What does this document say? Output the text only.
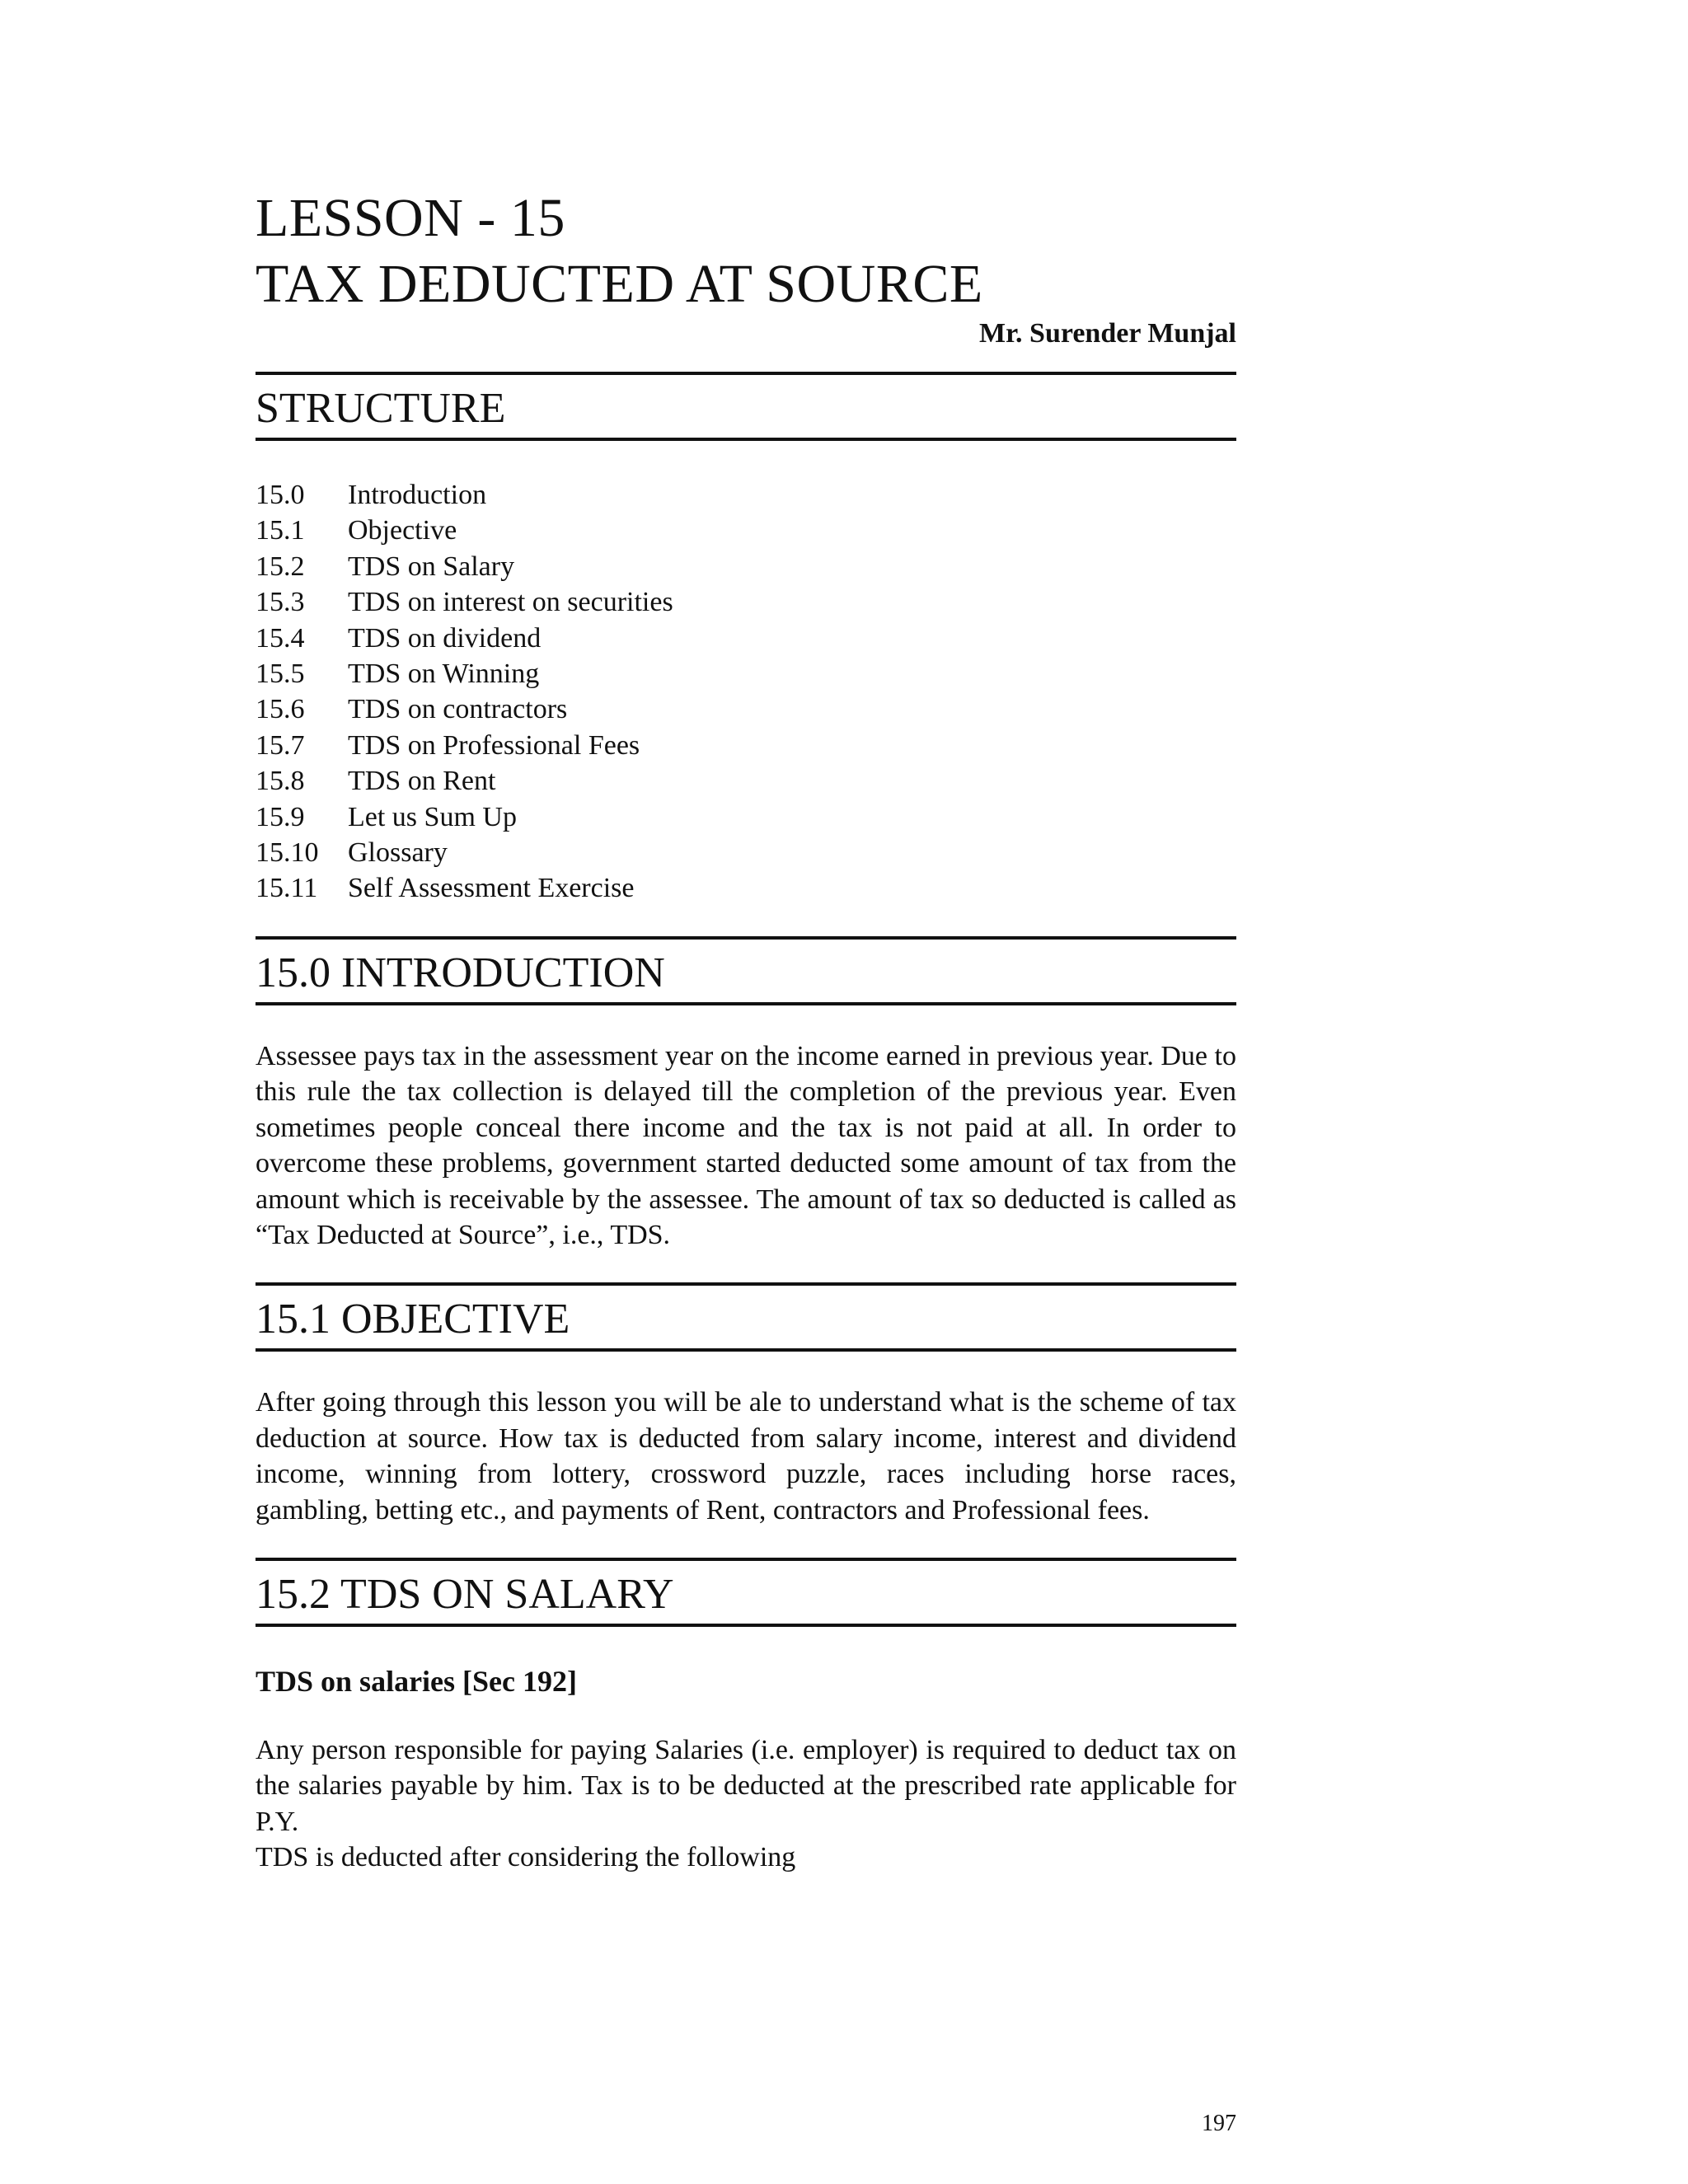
LESSON - 15
TAX DEDUCTED AT SOURCE
Mr. Surender Munjal
STRUCTURE
15.0	Introduction
15.1	Objective
15.2	TDS on Salary
15.3	TDS on interest on securities
15.4	TDS on dividend
15.5	TDS on Winning
15.6	TDS on contractors
15.7	TDS on Professional Fees
15.8	TDS on Rent
15.9	Let us Sum Up
15.10	Glossary
15.11	Self Assessment Exercise
15.0 INTRODUCTION

Assessee pays tax in the assessment year on the income earned in previous year. Due to this rule the tax collection is delayed till the completion of the previous year. Even sometimes people conceal there income and the tax is not paid at all. In order to overcome these problems, government started deducted some amount of tax from the amount which is receivable by the assessee. The amount of tax so deducted is called as “Tax Deducted at Source”, i.e., TDS.

15.1 OBJECTIVE

After going through this lesson you will be ale to understand what is the scheme of tax deduction at source. How tax is deducted from salary income, interest and dividend income, winning from lottery, crossword puzzle, races including horse races, gambling, betting etc., and payments of Rent, contractors and Professional fees.

15.2 TDS ON SALARY
TDS on salaries [Sec 192]

Any person responsible for paying Salaries (i.e. employer) is required to deduct tax on the salaries payable by him. Tax is to be deducted at the prescribed rate applicable for P.Y.

TDS is deducted after considering the following

197
